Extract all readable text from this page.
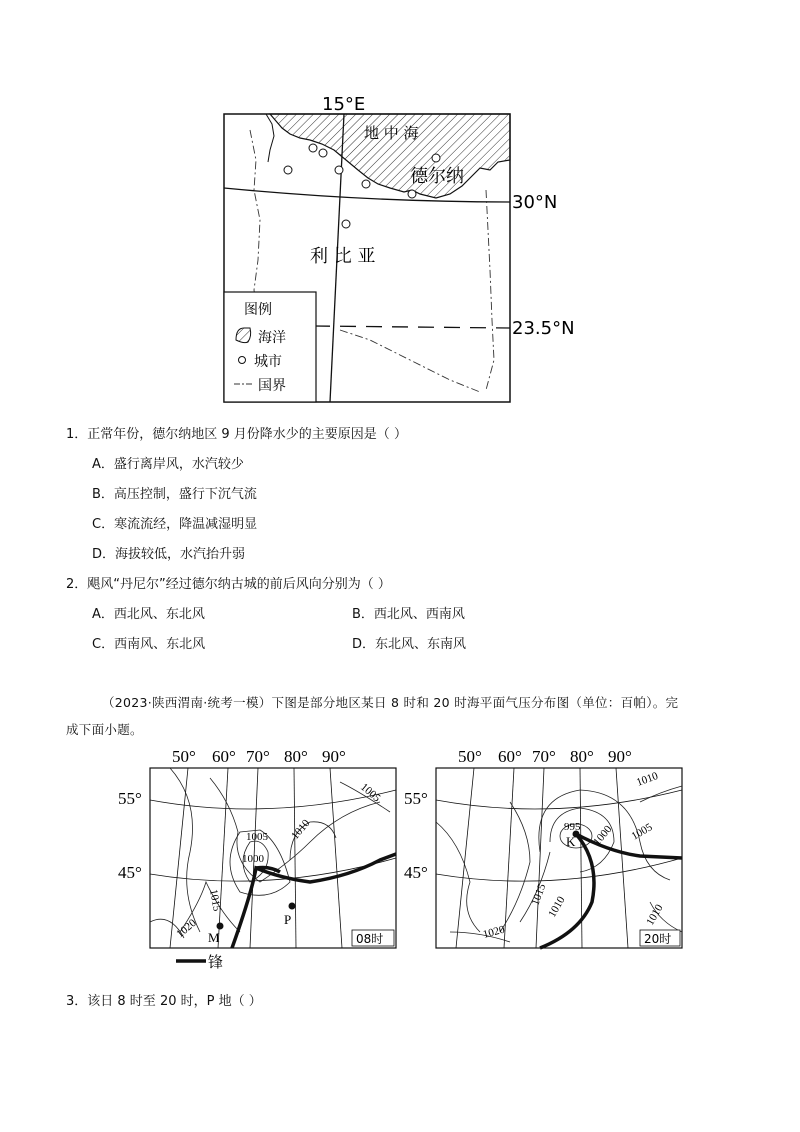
15°E
30°N
23.5°N
地 中 海
德尔纳
利 比 亚
图例
海洋
城市
国界
1．正常年份，德尔纳地区 9 月份降水少的主要原因是（ ）
A．盛行离岸风，水汽较少
B．高压控制，盛行下沉气流
C．寒流流经，降温减湿明显
D．海拔较低，水汽抬升弱
2．飓风“丹尼尔”经过德尔纳古城的前后风向分别为（ ）
A．西北风、东北风	B．西北风、西南风
C．西南风、东北风	D．东北风、东南风
（2023·陕西渭南·统考一模）下图是部分地区某日 8 时和 20 时海平面气压分布图（单位：百帕）。完
成下面小题。
M
P
1005
1005 1010
1000
1015
1020
50° 60° 70° 80° 90°
55°
45°
08时
锋
K
1010
1005
995 1000
1015
1010
1020
1010
50° 60° 70° 80° 90°
55°
45°
20时
3．该日 8 时至 20 时，P 地（ ）
